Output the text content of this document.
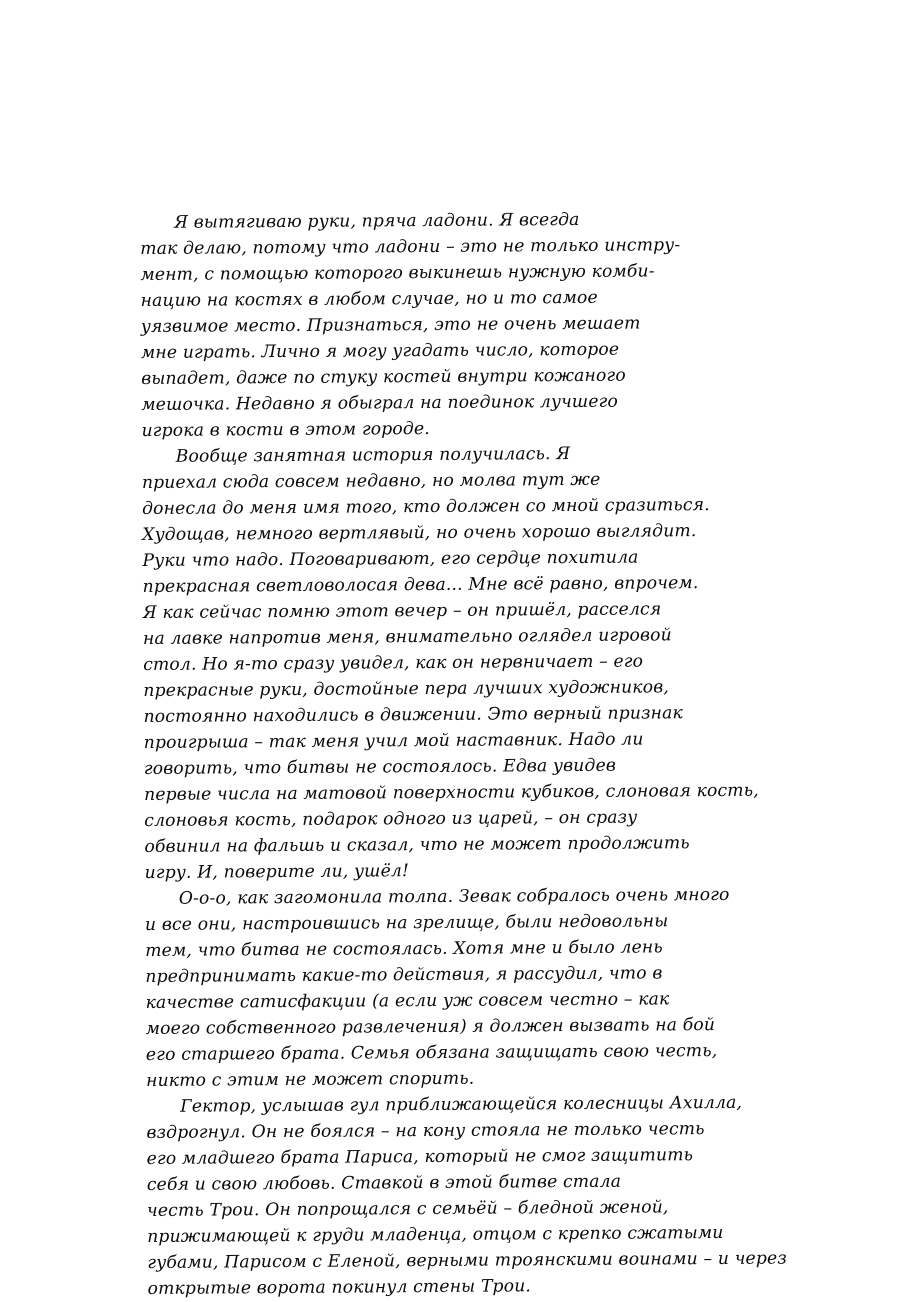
Я вытягиваю руки, пряча ладони. Я всегда
так делаю, потому что ладони – это не только инстру-
мент, с помощью которого выкинешь нужную комби-
нацию на костях в любом случае, но и то самое
уязвимое место. Признаться, это не очень мешает
мне играть. Лично я могу угадать число, которое
выпадет, даже по стуку костей внутри кожаного
мешочка. Недавно я обыграл на поединок лучшего
игрока в кости в этом городе.
Вообще занятная история получилась. Я
приехал сюда совсем недавно, но молва тут же
донесла до меня имя того, кто должен со мной сразиться.
Худощав, немного вертлявый, но очень хорошо выглядит.
Руки что надо. Поговаривают, его сердце похитила
прекрасная светловолосая дева... Мне всё равно, впрочем.
Я как сейчас помню этот вечер – он пришёл, расселся
на лавке напротив меня, внимательно оглядел игровой
стол. Но я-то сразу увидел, как он нервничает – его
прекрасные руки, достойные пера лучших художников,
постоянно находились в движении. Это верный признак
проигрыша – так меня учил мой наставник. Надо ли
говорить, что битвы не состоялось. Едва увидев
первые числа на матовой поверхности кубиков, слоновая кость,
слоновья кость, подарок одного из царей, – он сразу
обвинил на фальшь и сказал, что не может продолжить
игру. И, поверите ли, ушёл!
О-о-о, как загомонила толпа. Зевак собралось очень много
и все они, настроившись на зрелище, были недовольны
тем, что битва не состоялась. Хотя мне и было лень
предпринимать какие-то действия, я рассудил, что в
качестве сатисфакции (а если уж совсем честно – как
моего собственного развлечения) я должен вызвать на бой
его старшего брата. Семья обязана защищать свою честь,
никто с этим не может спорить.
Гектор, услышав гул приближающейся колесницы Ахилла,
вздрогнул. Он не боялся – на кону стояла не только честь
его младшего брата Париса, который не смог защитить
себя и свою любовь. Ставкой в этой битве стала
честь Трои. Он попрощался с семьёй – бледной женой,
прижимающей к груди младенца, отцом с крепко сжатыми
губами, Парисом с Еленой, верными троянскими воинами – и через
открытые ворота покинул стены Трои.
